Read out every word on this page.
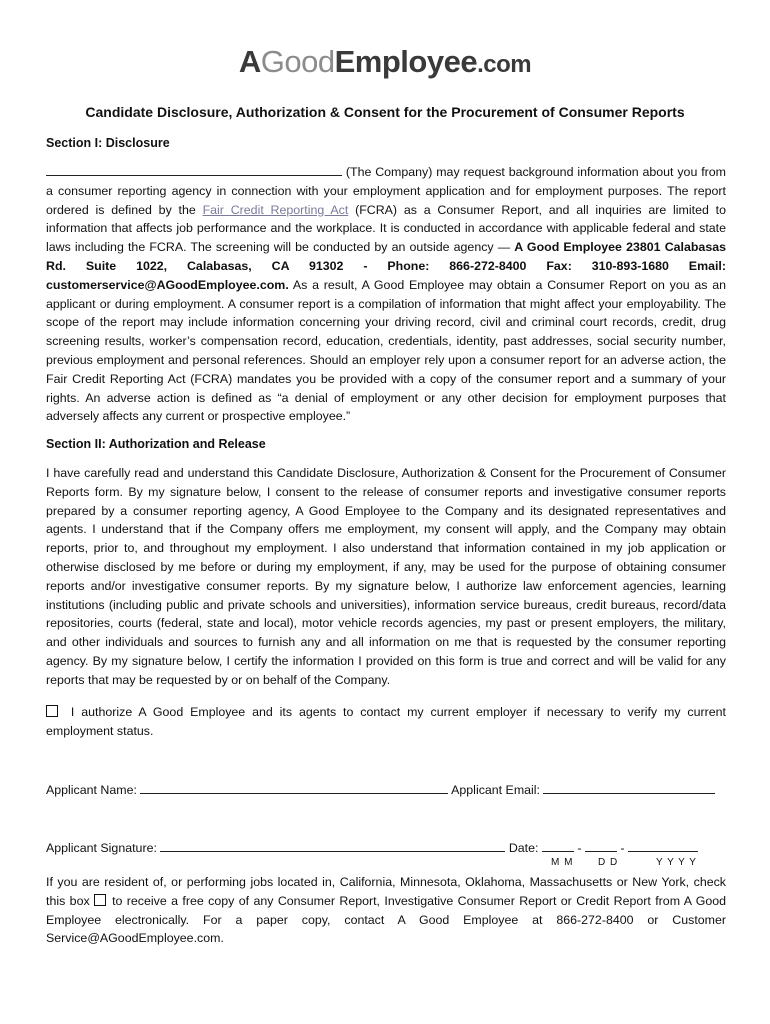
AGoodEmployee.com
Candidate Disclosure, Authorization & Consent for the Procurement of Consumer Reports
Section I: Disclosure
(The Company) may request background information about you from a consumer reporting agency in connection with your employment application and for employment purposes. The report ordered is defined by the Fair Credit Reporting Act (FCRA) as a Consumer Report, and all inquiries are limited to information that affects job performance and the workplace. It is conducted in accordance with applicable federal and state laws including the FCRA. The screening will be conducted by an outside agency — A Good Employee 23801 Calabasas Rd. Suite 1022, Calabasas, CA 91302 - Phone: 866-272-8400 Fax: 310-893-1680 Email: customerservice@AGoodEmployee.com. As a result, A Good Employee may obtain a Consumer Report on you as an applicant or during employment. A consumer report is a compilation of information that might affect your employability. The scope of the report may include information concerning your driving record, civil and criminal court records, credit, drug screening results, worker’s compensation record, education, credentials, identity, past addresses, social security number, previous employment and personal references. Should an employer rely upon a consumer report for an adverse action, the Fair Credit Reporting Act (FCRA) mandates you be provided with a copy of the consumer report and a summary of your rights. An adverse action is defined as “a denial of employment or any other decision for employment purposes that adversely affects any current or prospective employee.”
Section II: Authorization and Release
I have carefully read and understand this Candidate Disclosure, Authorization & Consent for the Procurement of Consumer Reports form. By my signature below, I consent to the release of consumer reports and investigative consumer reports prepared by a consumer reporting agency, A Good Employee to the Company and its designated representatives and agents. I understand that if the Company offers me employment, my consent will apply, and the Company may obtain reports, prior to, and throughout my employment. I also understand that information contained in my job application or otherwise disclosed by me before or during my employment, if any, may be used for the purpose of obtaining consumer reports and/or investigative consumer reports. By my signature below, I authorize law enforcement agencies, learning institutions (including public and private schools and universities), information service bureaus, credit bureaus, record/data repositories, courts (federal, state and local), motor vehicle records agencies, my past or present employers, the military, and other individuals and sources to furnish any and all information on me that is requested by the consumer reporting agency. By my signature below, I certify the information I provided on this form is true and correct and will be valid for any reports that may be requested by or on behalf of the Company.
I authorize A Good Employee and its agents to contact my current employer if necessary to verify my current employment status.
Applicant Name:	Applicant Email:
Applicant Signature:	Date:	-	-
M M D D	Y Y Y Y
If you are resident of, or performing jobs located in, California, Minnesota, Oklahoma, Massachusetts or New York, check this box to receive a free copy of any Consumer Report, Investigative Consumer Report or Credit Report from A Good Employee electronically. For a paper copy, contact A Good Employee at 866-272-8400 or Customer Service@AGoodEmployee.com.
